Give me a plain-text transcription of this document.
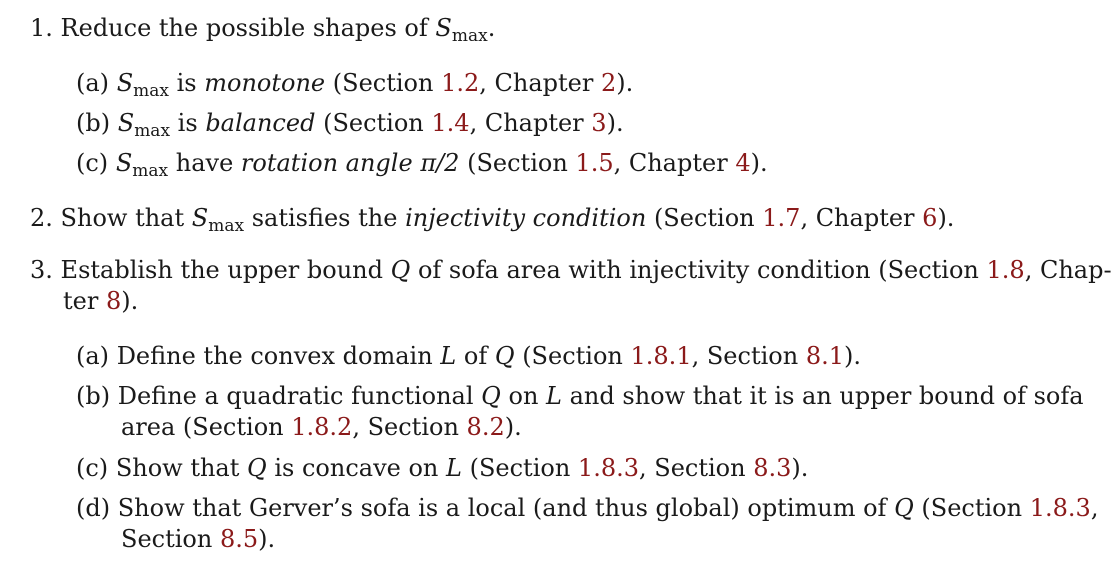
1. Reduce the possible shapes of $S_{max}$.
(a) $S_{max}$ is monotone (Section 1.2, Chapter 2).
(b) $S_{max}$ is balanced (Section 1.4, Chapter 3).
(c) $S_{max}$ have rotation angle π/2 (Section 1.5, Chapter 4).
2. Show that $S_{max}$ satisfies the injectivity condition (Section 1.7, Chapter 6).
3. Establish the upper bound Q of sofa area with injectivity condition (Section 1.8, Chap-
ter 8).
(a) Define the convex domain L of Q (Section 1.8.1, Section 8.1).
(b) Define a quadratic functional Q on L and show that it is an upper bound of sofa
area (Section 1.8.2, Section 8.2).
(c) Show that Q is concave on L (Section 1.8.3, Section 8.3).
(d) Show that Gerver’s sofa is a local (and thus global) optimum of Q (Section 1.8.3,
Section 8.5).
